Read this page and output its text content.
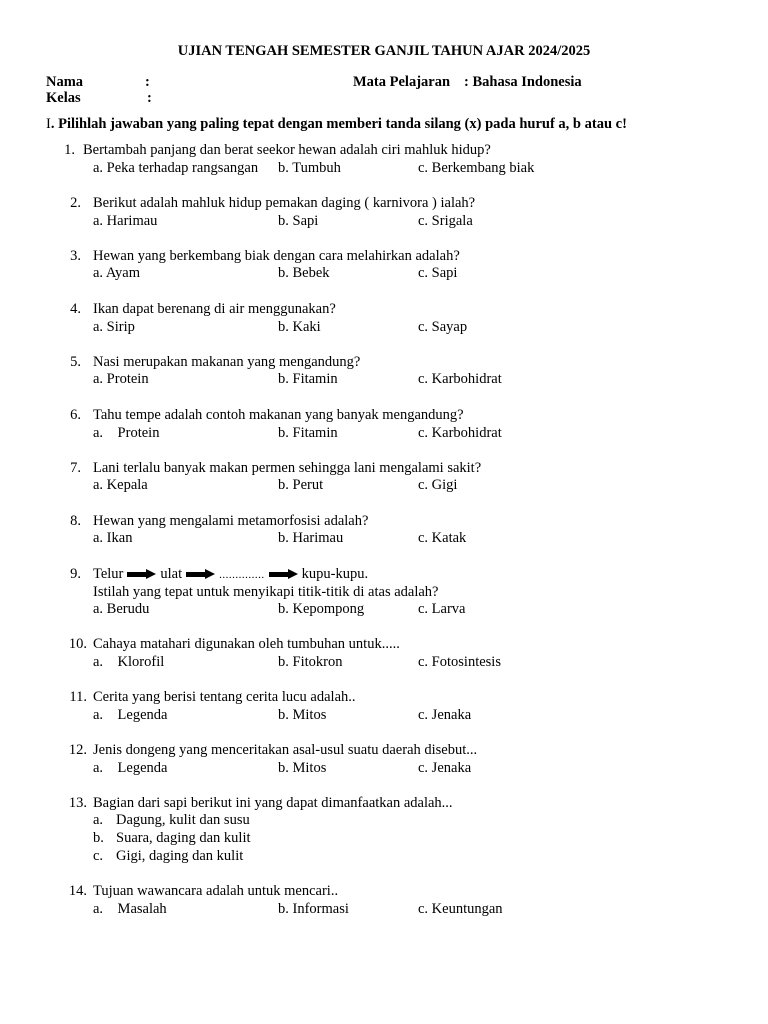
UJIAN TENGAH SEMESTER GANJIL TAHUN AJAR 2024/2025
Nama	:
Kelas	:
Mata Pelajaran : Bahasa Indonesia
I. Pilihlah jawaban yang paling tepat dengan memberi tanda silang (x) pada huruf a, b atau c!
1. Bertambah panjang dan berat seekor hewan adalah ciri mahluk hidup?
a. Peka terhadap rangsangan b. Tumbuh	c. Berkembang biak
2. Berikut adalah mahluk hidup pemakan daging ( karnivora ) ialah?
a. Harimau	b. Sapi	c. Srigala
3. Hewan yang berkembang biak dengan cara melahirkan adalah?
a. Ayam	b. Bebek	c. Sapi
4. Ikan dapat berenang di air menggunakan?
a. Sirip	b. Kaki	c. Sayap
5. Nasi merupakan makanan yang mengandung?
a. Protein	b. Fitamin	c. Karbohidrat
6. Tahu tempe adalah contoh makanan yang banyak mengandung?
a.    Protein	b. Fitamin	c. Karbohidrat
7. Lani terlalu banyak makan permen sehingga lani mengalami sakit?
a. Kepala	b. Perut	c. Gigi
8. Hewan yang mengalami metamorfosisi adalah?
a. Ikan	b. Harimau	c. Katak
9. Telur	ulat	..............	kupu-kupu.
Istilah yang tepat untuk menyikapi titik-titik di atas adalah?
a. Berudu	b. Kepompong	c. Larva
10. Cahaya matahari digunakan oleh tumbuhan untuk.....
a.    Klorofil	b. Fitokron	c. Fotosintesis
11. Cerita yang berisi tentang cerita lucu adalah..
a.    Legenda	b. Mitos	c. Jenaka
12. Jenis dongeng yang menceritakan asal-usul suatu daerah disebut...
a.    Legenda	b. Mitos	c. Jenaka
13. Bagian dari sapi berikut ini yang dapat dimanfaatkan adalah...
a. Dagung, kulit dan susu
b. Suara, daging dan kulit
c. Gigi, daging dan kulit
14. Tujuan wawancara adalah untuk mencari..
a.    Masalah	b. Informasi	c. Keuntungan
